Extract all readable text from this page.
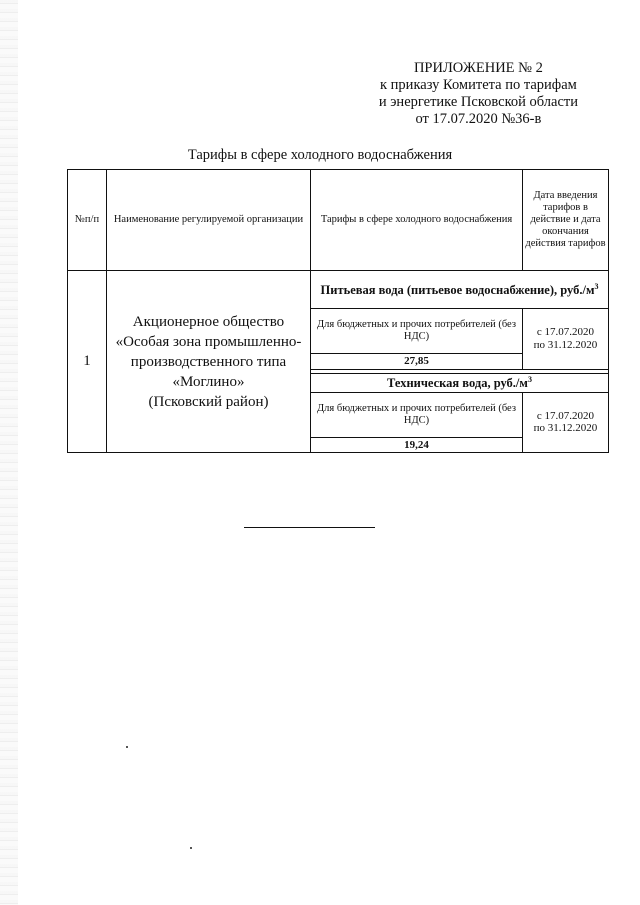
ПРИЛОЖЕНИЕ № 2
к приказу Комитета по тарифам
и энергетике Псковской области
от 17.07.2020 №36-в
Тарифы в сфере холодного водоснабжения
№п/п	Наименование регулируемой организации	Тарифы в сфере холодного водоснабжения	Дата введения тарифов в действие и дата окончания действия тарифов
1	Акционерное общество
«Особая зона промышленно-
производственного типа
«Моглино»
(Псковский район)	Питьевая вода (питьевое водоснабжение), $руб./м^3$
		Для бюджетных и прочих потребителей (без НДС)	с 17.07.2020
по 31.12.2020

		27,85	

		Техническая вода, $руб./м^3$
		Для бюджетных и прочих потребителей (без НДС)	с 17.07.2020
по 31.12.2020

		19,24	
